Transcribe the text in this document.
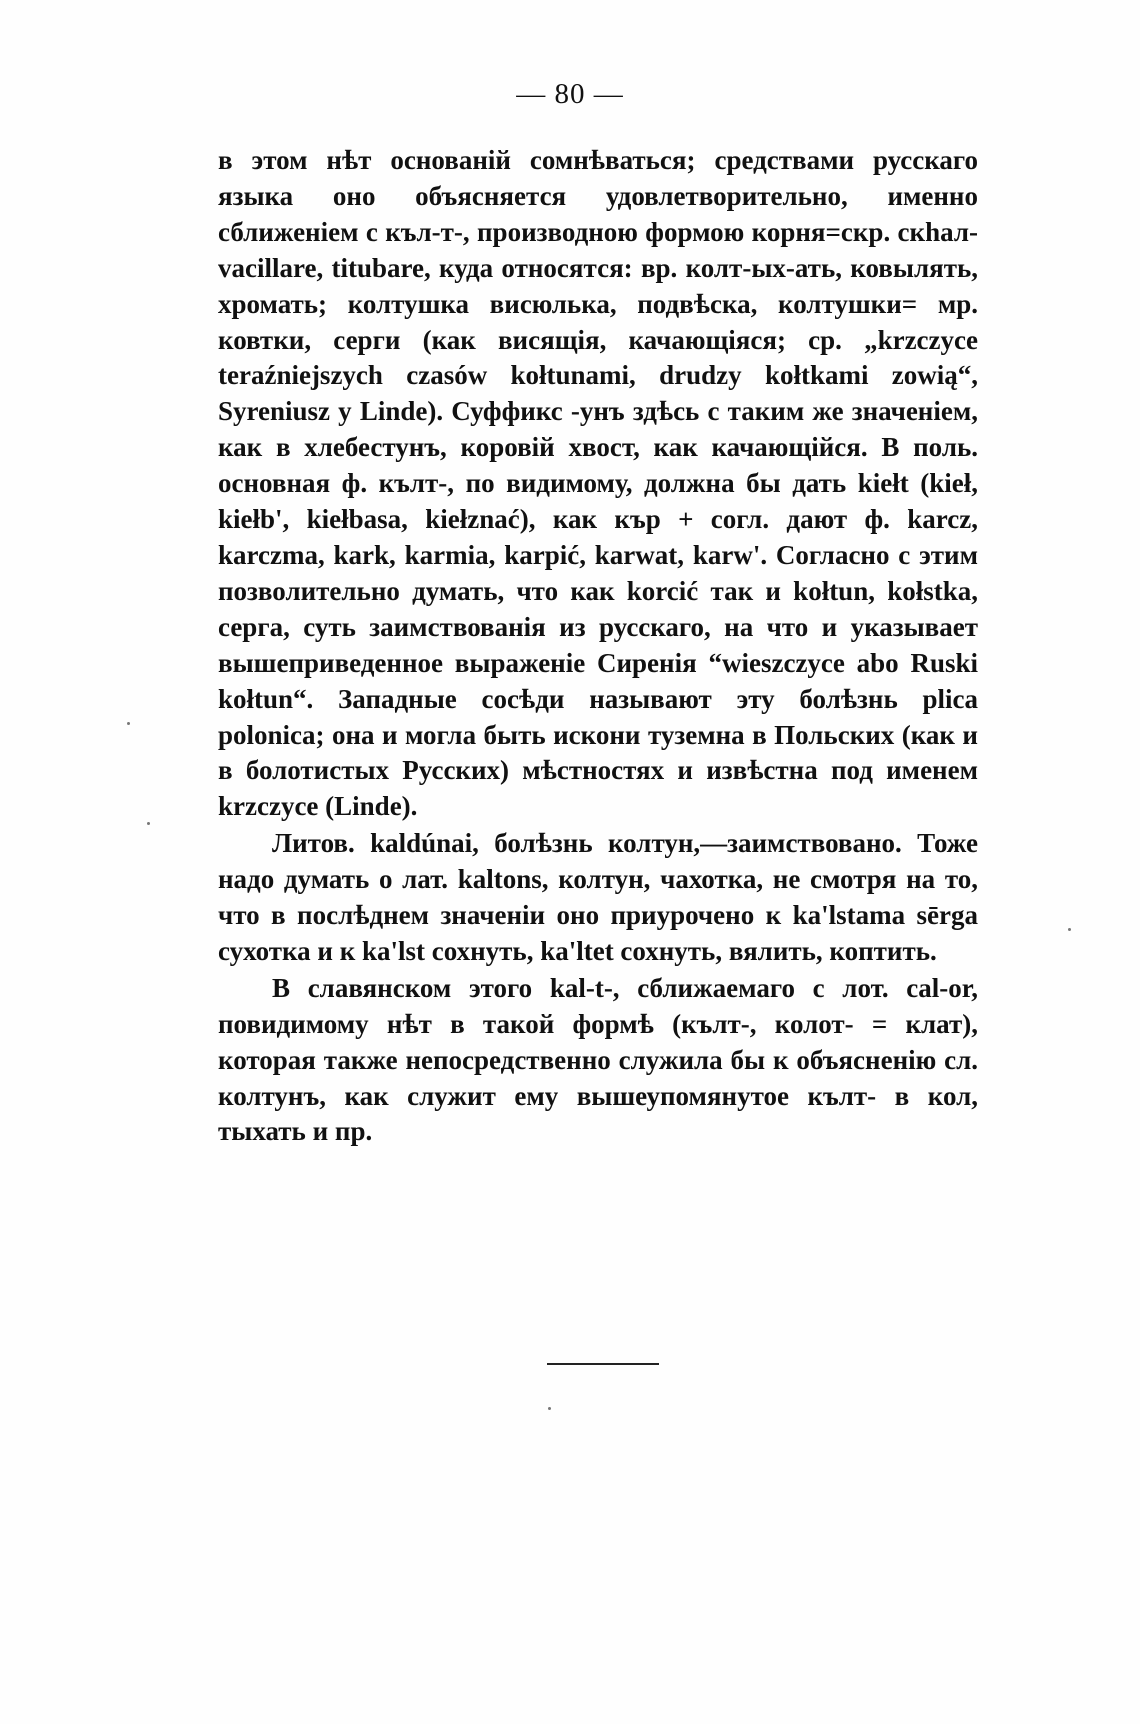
— 80 —

в этом нѣт основаній сомнѣваться; средствами русскаго языка оно объясняется удовлетворительно, именно сближеніем с къл-т-, производною формою корня=скр. скhал- vacillare, titubare, куда относятся: вр. колт-ых-ать, ковылять, хромать; колтушка висюлька, подвѣска, колтушки= мр. ковтки, серги (как висящія, качающіяся; ср. „krzczyce teraźniejszych czasów kołtunami, drudzy kołtkami zowią“, Syreniusz y Linde). Суффикс -унъ здѣсь с таким же значеніем, как в хлебестунъ, коровій хвост, как качающійся. В поль. основная ф. кълт-, по видимому, должна бы дать kiełt (kieł, kiełb', kiełbasa, kiełznać), как кър + согл. дают ф. karcz, karczma, kark, karmia, karpić, karwat, karw'. Согласно с этим позволительно думать, что как korcić так и kołtun, kołstka, серга, суть заимствованія из русскаго, на что и указывает вышеприведенное выраженіе Сиренія “wieszczyce abo Ruski kołtun“. Западные сосѣди называют эту болѣзнь plica polonica; она и могла быть искони туземна в Польских (как и в болотистых Русских) мѣстностях и извѣстна под именем krzczyce (Linde).

Литов. kaldúnai, болѣзнь колтун,—заимствовано. Тоже надо думать о лат. kaltons, колтун, чахотка, не смотря на то, что в послѣднем значеніи оно приурочено к ka'lstama sērga сухотка и к ka'lst сохнуть, ka'ltet сохнуть, вялить, коптить.

В славянском этого kal-t-, сближаемаго с лот. cal-or, повидимому нѣт в такой формѣ (кълт-, колот- = клат), которая также непосредственно служила бы к объясненію сл. колтунъ, как служит ему вышеупомянутое кълт- в кол, тыхать и пр.
